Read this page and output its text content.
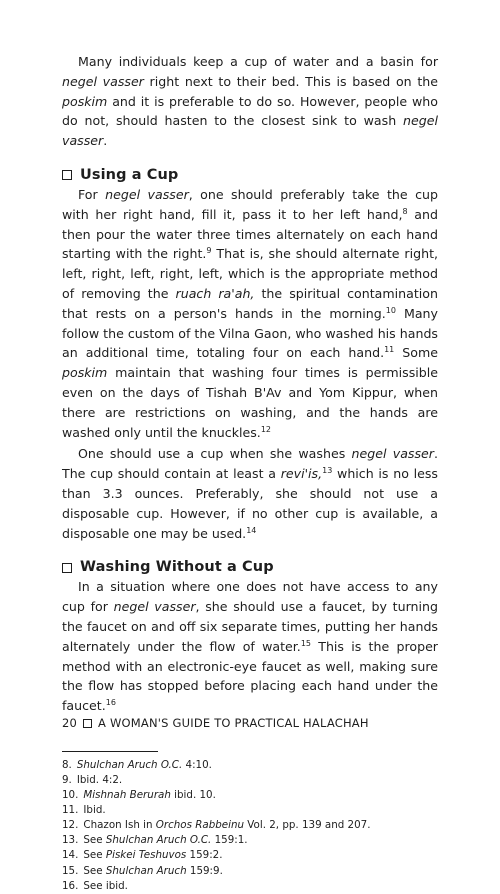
Many individuals keep a cup of water and a basin for negel vasser right next to their bed. This is based on the poskim and it is preferable to do so. However, people who do not, should hasten to the closest sink to wash negel vasser.

Using a Cup

For negel vasser, one should preferably take the cup with her right hand, fill it, pass it to her left hand,$^8$ and then pour the water three times alternately on each hand starting with the right.$^9$ That is, she should alternate right, left, right, left, right, left, which is the appropriate method of removing the ruach ra'ah, the spiritual contamination that rests on a person's hands in the morning.$^{10}$ Many follow the custom of the Vilna Gaon, who washed his hands an additional time, totaling four on each hand.$^{11}$ Some poskim maintain that washing four times is permissible even on the days of Tishah B'Av and Yom Kippur, when there are restrictions on washing, and the hands are washed only until the knuckles.$^{12}$

One should use a cup when she washes negel vasser. The cup should contain at least a revi'is,$^{13}$ which is no less than 3.3 ounces. Preferably, she should not use a disposable cup. However, if no other cup is available, a disposable one may be used.$^{14}$

Washing Without a Cup

In a situation where one does not have access to any cup for negel vasser, she should use a faucet, by turning the faucet on and off six separate times, putting her hands alternately under the flow of water.$^{15}$ This is the proper method with an electronic-eye faucet as well, making sure the flow has stopped before placing each hand under the faucet.$^{16}$

8. Shulchan Aruch O.C. 4:10.

9. Ibid. 4:2.

10. Mishnah Berurah ibid. 10.

11. Ibid.

12. Chazon Ish in Orchos Rabbeinu Vol. 2, pp. 139 and 207.

13. See Shulchan Aruch O.C. 159:1.

14. See Piskei Teshuvos 159:2.

15. See Shulchan Aruch 159:9.

16. See ibid.

20 A WOMAN'S GUIDE TO PRACTICAL HALACHAH
